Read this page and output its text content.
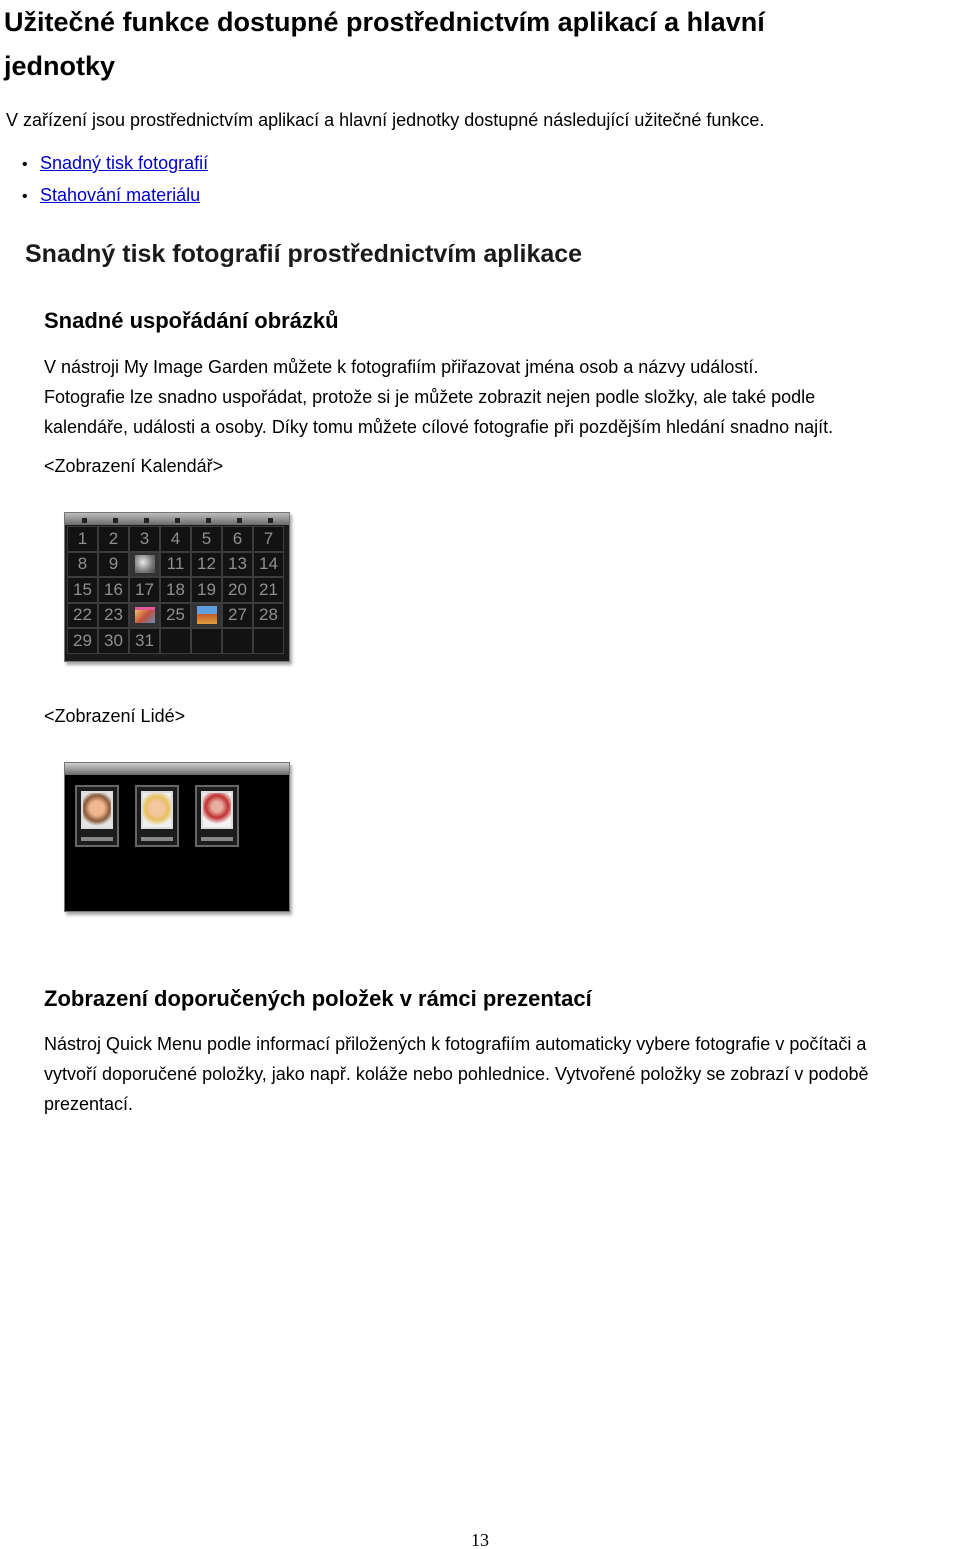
Užitečné funkce dostupné prostřednictvím aplikací a hlavní
jednotky

V zařízení jsou prostřednictvím aplikací a hlavní jednotky dostupné následující užitečné funkce.

• Snadný tisk fotografií
• Stahování materiálu
Snadný tisk fotografií prostřednictvím aplikace
Snadné uspořádání obrázků

V nástroji My Image Garden můžete k fotografiím přiřazovat jména osob a názvy událostí.

Fotografie lze snadno uspořádat, protože si je můžete zobrazit nejen podle složky, ale také podle

kalendáře, události a osoby. Díky tomu můžete cílové fotografie při pozdějším hledání snadno najít.

<Zobrazení Kalendář>

1 2 3 4 5 6 7
8 9	11 12 13 14
15 16 17 18 19 20 21
22 23	25	27 28
29 30 31

<Zobrazení Lidé>

Zobrazení doporučených položek v rámci prezentací

Nástroj Quick Menu podle informací přiložených k fotografiím automaticky vybere fotografie v počítači a

vytvoří doporučené položky, jako např. koláže nebo pohlednice. Vytvořené položky se zobrazí v podobě

prezentací.

13
